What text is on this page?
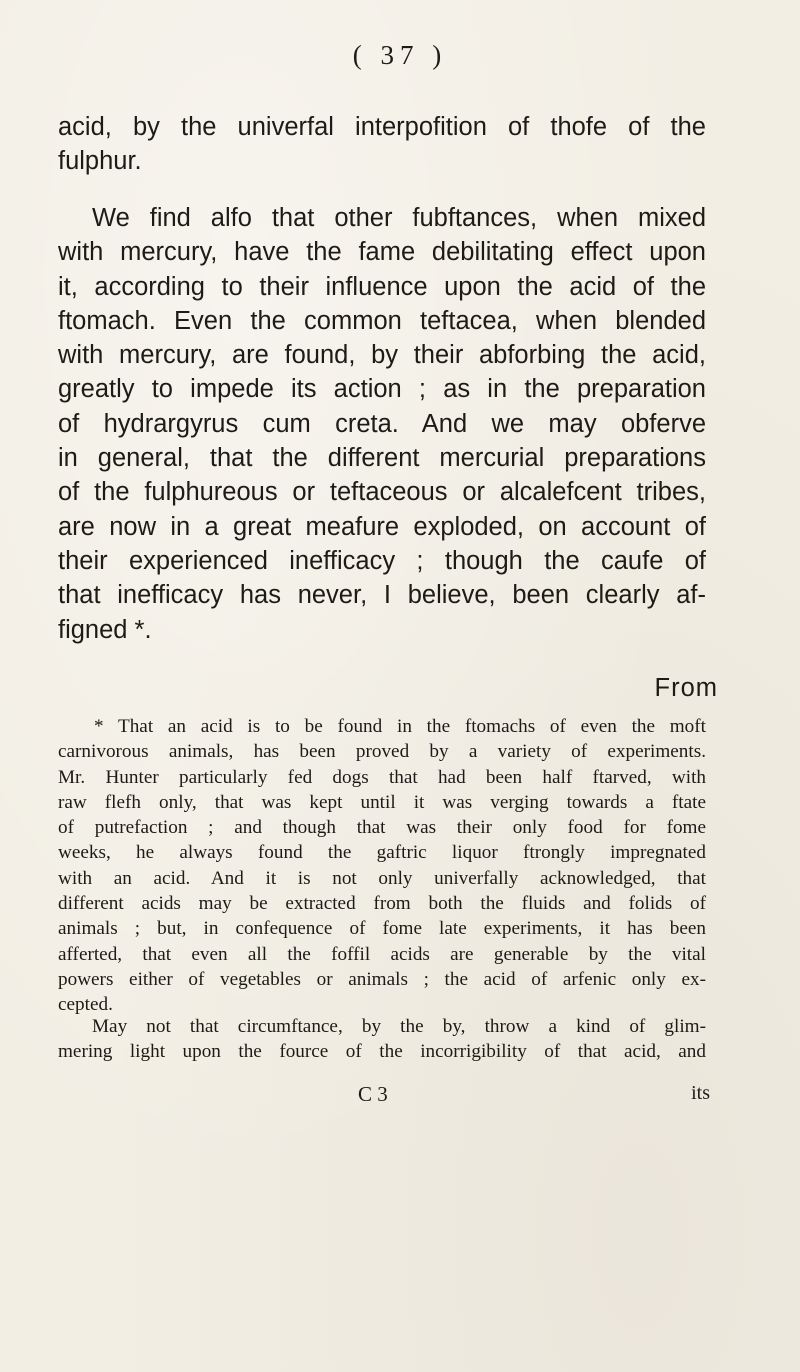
( 37 )
acid, by the univerfal interpofition of thofe of the
fulphur.
We find alfo that other fubftances, when mixed
with mercury, have the fame debilitating effect upon
it, according to their influence upon the acid of the
ftomach. Even the common teftacea, when blended
with mercury, are found, by their abforbing the acid,
greatly to impede its action ; as in the preparation
of hydrargyrus cum creta. And we may obferve
in general, that the different mercurial preparations
of the fulphureous or teftaceous or alcalefcent tribes,
are now in a great meafure exploded, on account of
their experienced inefficacy ; though the caufe of
that inefficacy has never, I believe, been clearly af-
figned *.
From
* That an acid is to be found in the ftomachs of even the moft
carnivorous animals, has been proved by a variety of experiments.
Mr. Hunter particularly fed dogs that had been half ftarved, with
raw flefh only, that was kept until it was verging towards a ftate
of putrefaction ; and though that was their only food for fome
weeks, he always found the gaftric liquor ftrongly impregnated
with an acid. And it is not only univerfally acknowledged, that
different acids may be extracted from both the fluids and folids of
animals ; but, in confequence of fome late experiments, it has been
afferted, that even all the foffil acids are generable by the vital
powers either of vegetables or animals ; the acid of arfenic only ex-
cepted.
May not that circumftance, by the by, throw a kind of glim-
mering light upon the fource of the incorrigibility of that acid, and
C 3	its
